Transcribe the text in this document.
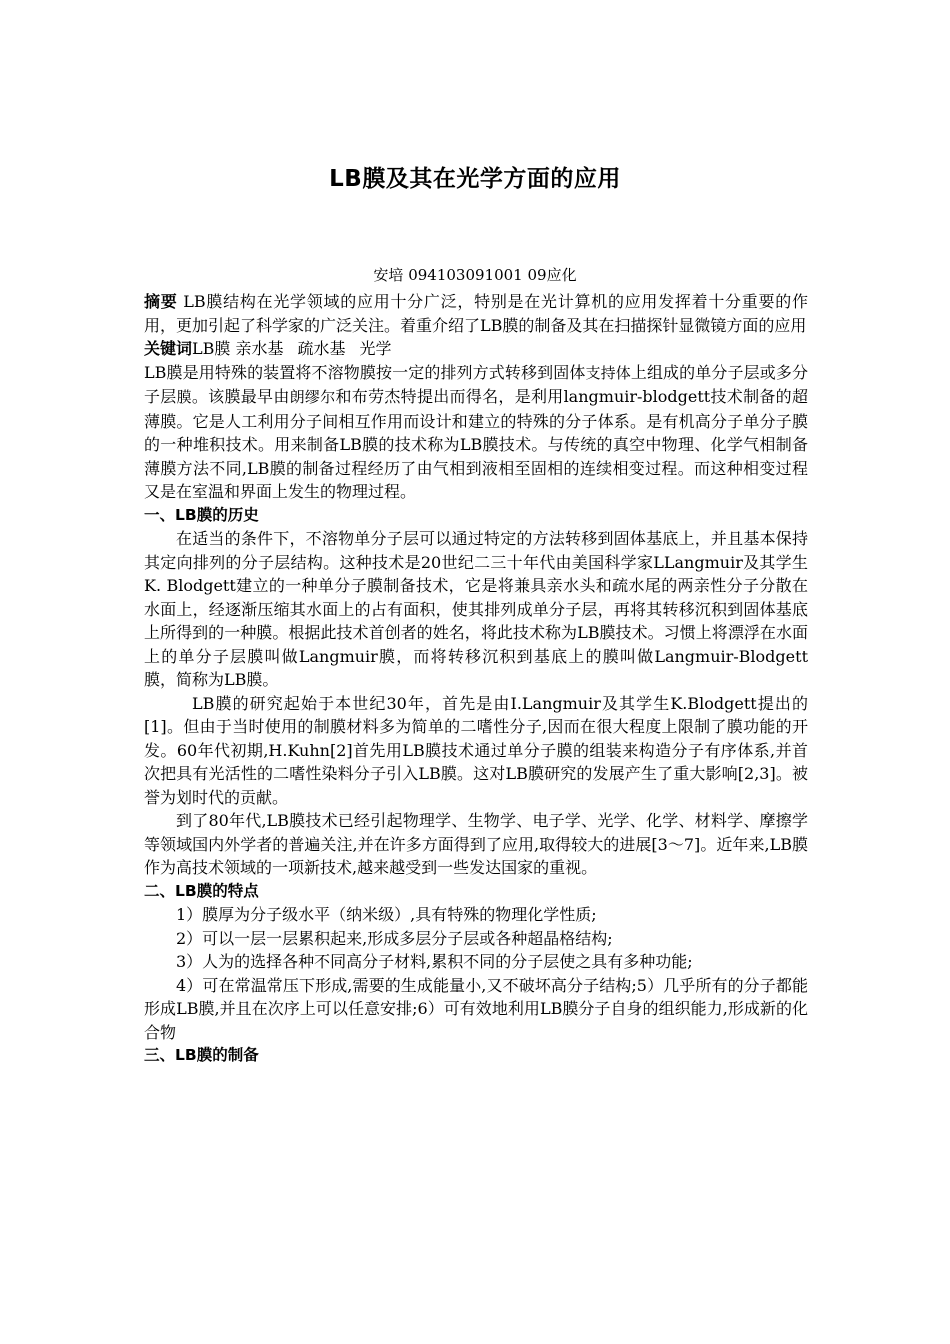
LB膜及其在光学方面的应用
安培 094103091001 09应化

摘要 LB膜结构在光学领域的应用十分广泛，特别是在光计算机的应用发挥着十分重要的作用，更加引起了科学家的广泛关注。着重介绍了LB膜的制备及其在扫描探针显微镜方面的应用

关键词LB膜 亲水基 疏水基 光学

LB膜是用特殊的装置将不溶物膜按一定的排列方式转移到固体支持体上组成的单分子层或多分子层膜。该膜最早由朗缪尔和布劳杰特提出而得名，是利用langmuir-blodgett技术制备的超薄膜。它是人工利用分子间相互作用而设计和建立的特殊的分子体系。是有机高分子单分子膜的一种堆积技术。用来制备LB膜的技术称为LB膜技术。与传统的真空中物理、化学气相制备薄膜方法不同,LB膜的制备过程经历了由气相到液相至固相的连续相变过程。而这种相变过程又是在室温和界面上发生的物理过程。

一、LB膜的历史

在适当的条件下，不溶物单分子层可以通过特定的方法转移到固体基底上，并且基本保持其定向排列的分子层结构。这种技术是20世纪二三十年代由美国科学家LLangmuir及其学生K. Blodgett建立的一种单分子膜制备技术，它是将兼具亲水头和疏水尾的两亲性分子分散在水面上，经逐渐压缩其水面上的占有面积，使其排列成单分子层，再将其转移沉积到固体基底上所得到的一种膜。根据此技术首创者的姓名，将此技术称为LB膜技术。习惯上将漂浮在水面上的单分子层膜叫做Langmuir膜，而将转移沉积到基底上的膜叫做Langmuir-Blodgett膜，简称为LB膜。

LB膜的研究起始于本世纪30年，首先是由I.Langmuir及其学生K.Blodgett提出的[1]。但由于当时使用的制膜材料多为简单的二嗜性分子,因而在很大程度上限制了膜功能的开发。60年代初期,H.Kuhn[2]首先用LB膜技术通过单分子膜的组装来构造分子有序体系,并首次把具有光活性的二嗜性染料分子引入LB膜。这对LB膜研究的发展产生了重大影响[2,3]。被誉为划时代的贡献。

到了80年代,LB膜技术已经引起物理学、生物学、电子学、光学、化学、材料学、摩擦学等领域国内外学者的普遍关注,并在许多方面得到了应用,取得较大的进展[3～7]。近年来,LB膜作为高技术领域的一项新技术,越来越受到一些发达国家的重视。

二、LB膜的特点

1）膜厚为分子级水平（纳米级）,具有特殊的物理化学性质;

2）可以一层一层累积起来,形成多层分子层或各种超晶格结构;

3）人为的选择各种不同高分子材料,累积不同的分子层使之具有多种功能;

4）可在常温常压下形成,需要的生成能量小,又不破坏高分子结构;5）几乎所有的分子都能形成LB膜,并且在次序上可以任意安排;6）可有效地利用LB膜分子自身的组织能力,形成新的化合物

三、LB膜的制备
